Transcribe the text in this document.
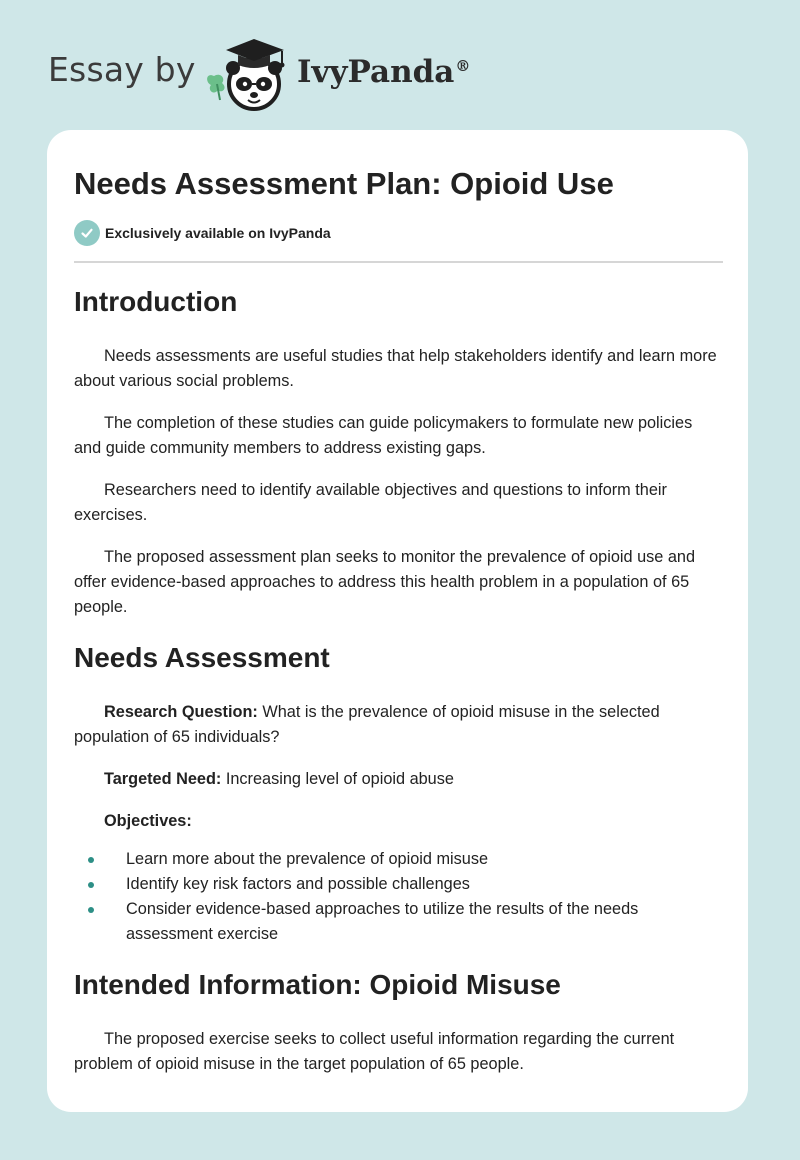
Essay by	IvyPanda®
Needs Assessment Plan: Opioid Use
Exclusively available on IvyPanda
Introduction

Needs assessments are useful studies that help stakeholders identify and learn more about various social problems.

The completion of these studies can guide policymakers to formulate new policies and guide community members to address existing gaps.

Researchers need to identify available objectives and questions to inform their exercises.

The proposed assessment plan seeks to monitor the prevalence of opioid use and offer evidence-based approaches to address this health problem in a population of 65 people.

Needs Assessment

Research Question: What is the prevalence of opioid misuse in the selected population of 65 individuals?

Targeted Need: Increasing level of opioid abuse

Objectives:

Learn more about the prevalence of opioid misuse
Identify key risk factors and possible challenges
Consider evidence-based approaches to utilize the results of the needs assessment exercise
Intended Information: Opioid Misuse

The proposed exercise seeks to collect useful information regarding the current problem of opioid misuse in the target population of 65 people.
